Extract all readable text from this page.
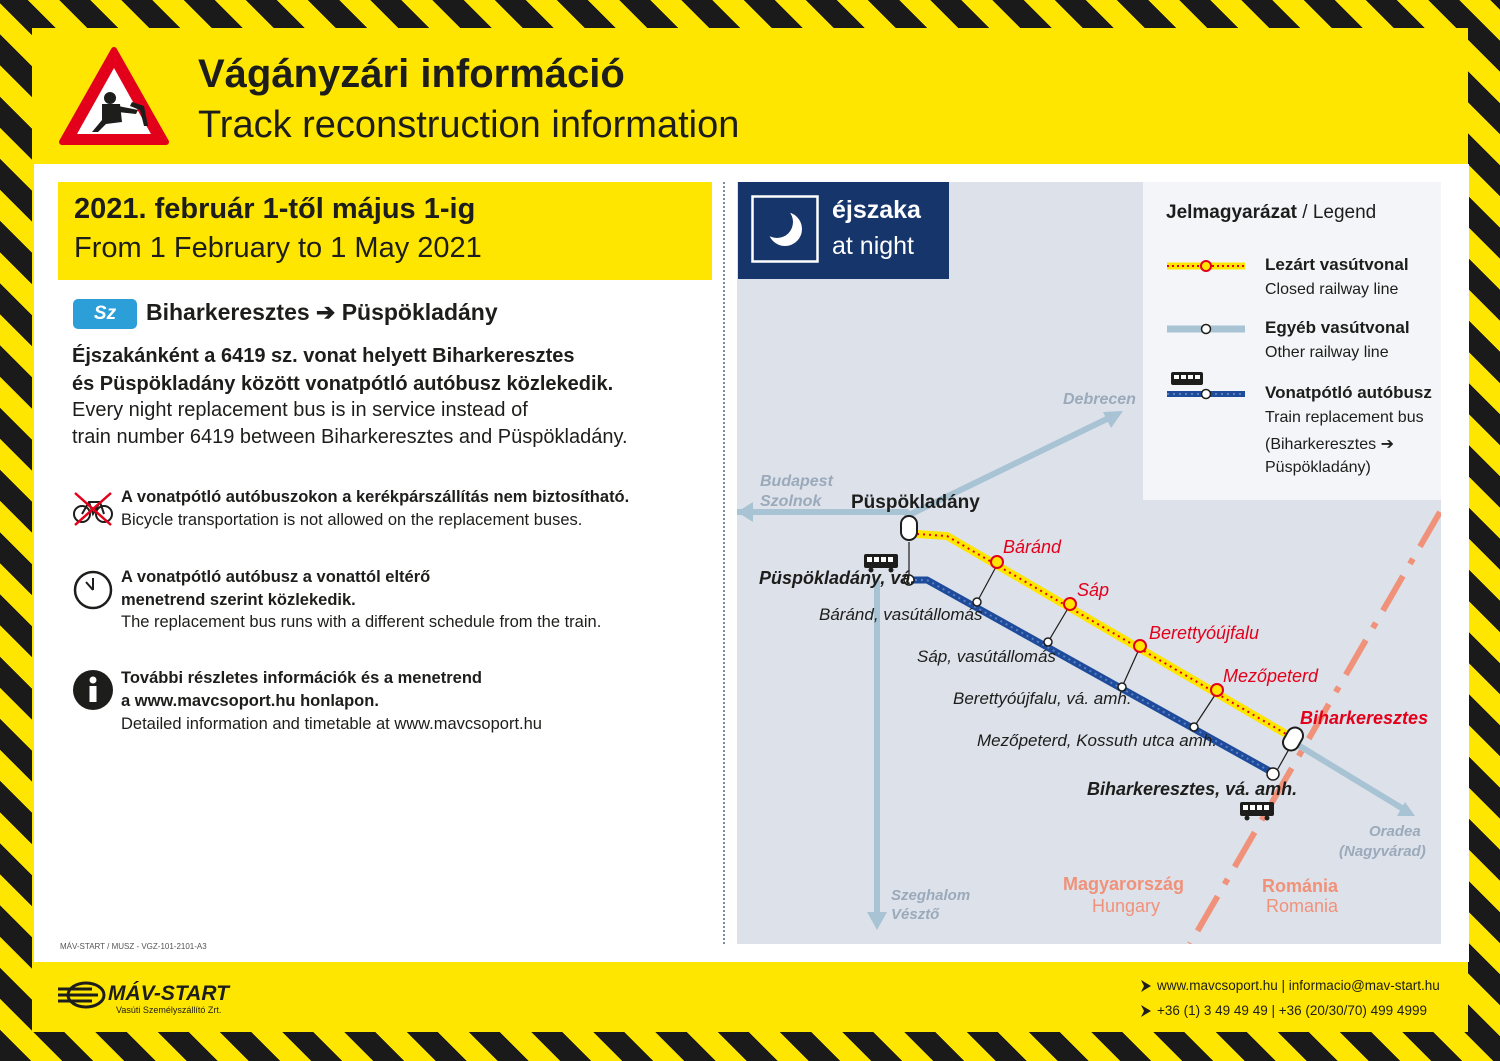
Vágányzári információ
Track reconstruction information
2021. február 1-től május 1-ig
From 1 February to 1 May 2021
Sz	Biharkeresztes ➔ Püspökladány
Éjszakánként a 6419 sz. vonat helyett Biharkeresztes
és Püspökladány között vonatpótló autóbusz közlekedik.
Every night replacement bus is in service instead of
train number 6419 between Biharkeresztes and Püspökladány.
A vonatpótló autóbuszokon a kerékpárszállítás nem biztosítható.
Bicycle transportation is not allowed on the replacement buses.
A vonatpótló autóbusz a vonattól eltérő
menetrend szerint közlekedik.
The replacement bus runs with a different schedule from the train.
További részletes információk és a menetrend
a www.mavcsoport.hu honlapon.
Detailed information and timetable at www.mavcsoport.hu
Debrecen
Budapest
Szolnok Püspökladány
Püspökladány, vá.
Báránd
Sáp
Berettyóújfalu
Mezőpeterd
Biharkeresztes
Báránd, vasútállomás
Sáp, vasútállomás
Berettyóújfalu, vá. amh.
Mezőpeterd, Kossuth utca amh.
Biharkeresztes, vá. amh.
Oradea
(Nagyvárad)
Szeghalom
Vésztő
Magyarország
Hungary
Románia
Romania
éjszaka
at night
Jelmagyarázat / Legend
Lezárt vasútvonal
Closed railway line
Egyéb vasútvonal
Other railway line
Vonatpótló autóbusz
Train replacement bus
(Biharkeresztes ➔
Püspökladány)
MÁV-START / MUSZ - VGZ-101-2101-A3
MÁV-START
Vasúti Személyszállító Zrt.
www.mavcsoport.hu | informacio@mav-start.hu
+36 (1) 3 49 49 49 | +36 (20/30/70) 499 4999
